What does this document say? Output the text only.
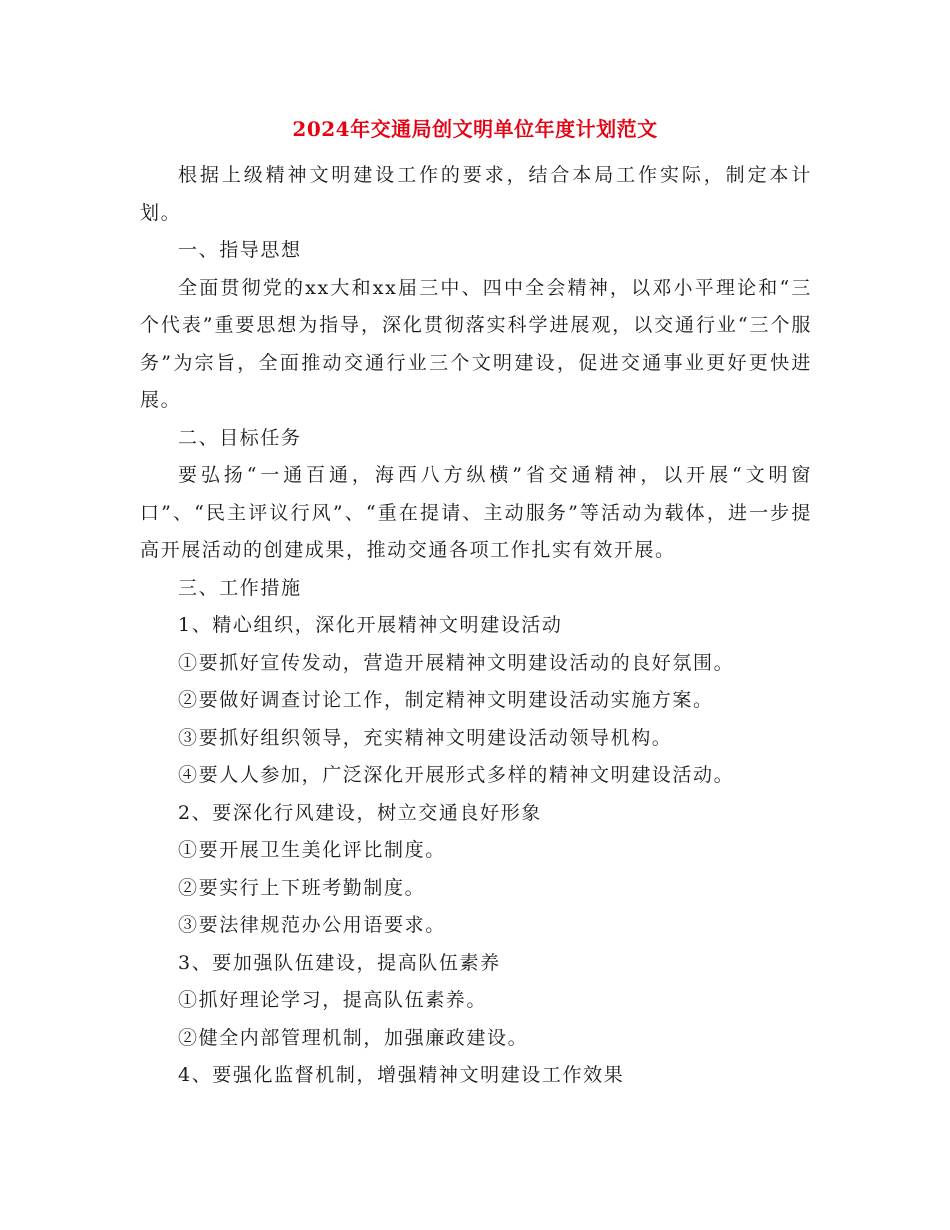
2024年交通局创文明单位年度计划范文

根据上级精神文明建设工作的要求，结合本局工作实际，制定本计划。

一、指导思想

全面贯彻党的xx大和xx届三中、四中全会精神，以邓小平理论和“三个代表”重要思想为指导，深化贯彻落实科学进展观，以交通行业“三个服务”为宗旨，全面推动交通行业三个文明建设，促进交通事业更好更快进展。

二、目标任务

要弘扬“一通百通，海西八方纵横”省交通精神，以开展“文明窗口”、“民主评议行风”、“重在提请、主动服务”等活动为载体，进一步提高开展活动的创建成果，推动交通各项工作扎实有效开展。

三、工作措施

1、精心组织，深化开展精神文明建设活动

①要抓好宣传发动，营造开展精神文明建设活动的良好氛围。

②要做好调查讨论工作，制定精神文明建设活动实施方案。

③要抓好组织领导，充实精神文明建设活动领导机构。

④要人人参加，广泛深化开展形式多样的精神文明建设活动。

2、要深化行风建设，树立交通良好形象

①要开展卫生美化评比制度。

②要实行上下班考勤制度。

③要法律规范办公用语要求。

3、要加强队伍建设，提高队伍素养

①抓好理论学习，提高队伍素养。

②健全内部管理机制，加强廉政建设。

4、要强化监督机制，增强精神文明建设工作效果
